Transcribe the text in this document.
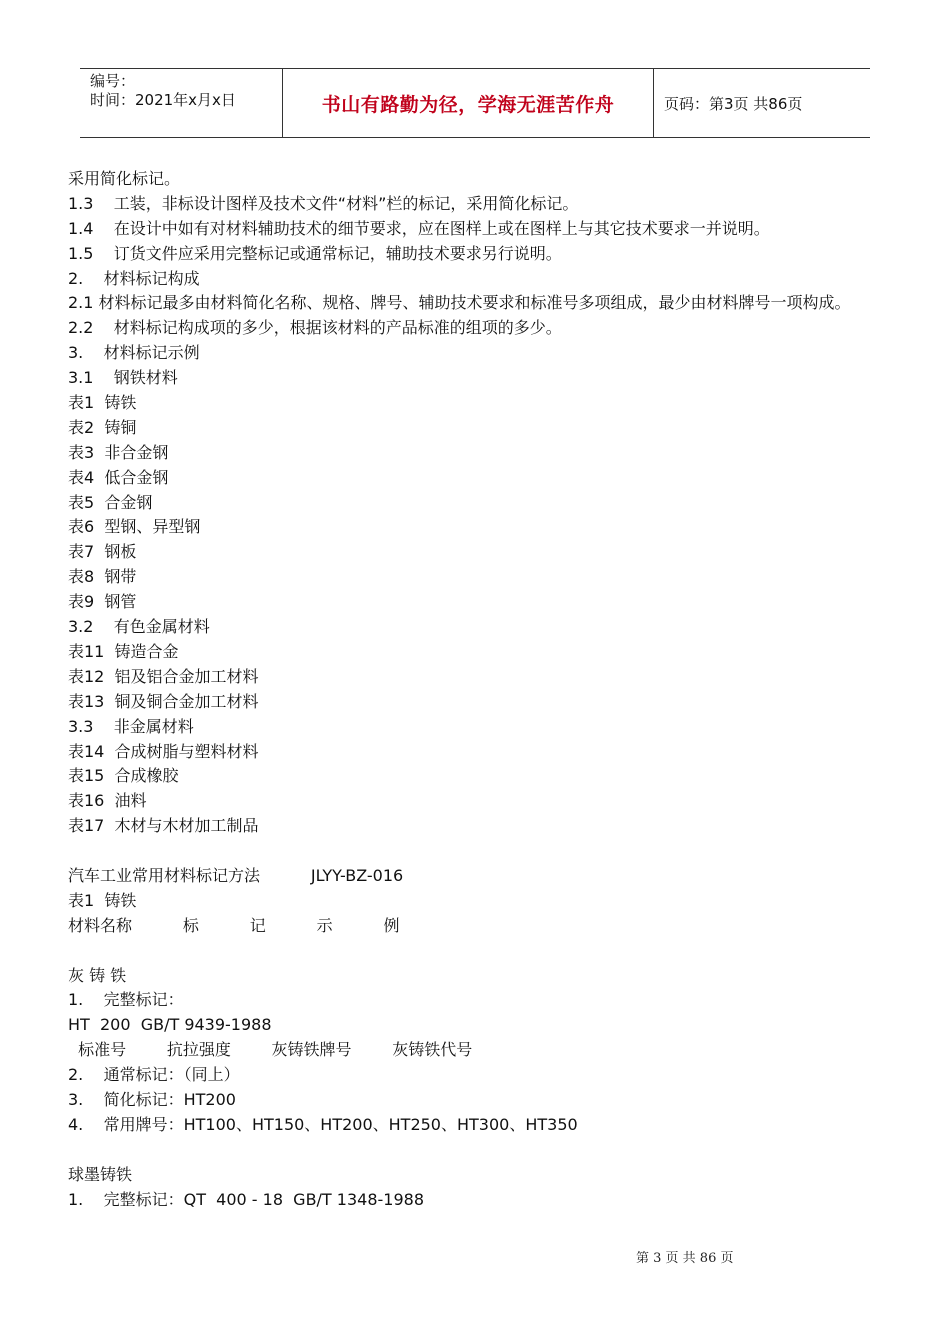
编号：
时间：2021年x月x日	书山有路勤为径，学海无涯苦作舟	页码：第3页 共86页
采用简化标记。
1.3    工装，非标设计图样及技术文件“材料”栏的标记，采用简化标记。
1.4    在设计中如有对材料辅助技术的细节要求，应在图样上或在图样上与其它技术要求一并说明。
1.5    订货文件应采用完整标记或通常标记，辅助技术要求另行说明。
2.    材料标记构成
2.1 材料标记最多由材料简化名称、规格、牌号、辅助技术要求和标准号多项组成，最少由材料牌号一项构成。
2.2    材料标记构成项的多少，根据该材料的产品标准的组项的多少。
3.    材料标记示例
3.1    钢铁材料
表1  铸铁
表2  铸铜
表3  非合金钢
表4  低合金钢
表5  合金钢
表6  型钢、异型钢
表7  钢板
表8  钢带
表9  钢管
3.2    有色金属材料
表11  铸造合金
表12  铝及铝合金加工材料
表13  铜及铜合金加工材料
3.3    非金属材料
表14  合成树脂与塑料材料
表15  合成橡胶
表16  油料
表17  木材与木材加工制品
汽车工业常用材料标记方法          JLYY-BZ-016
表1  铸铁
材料名称          标          记          示          例
灰 铸 铁
1.    完整标记：
HT  200  GB/T 9439-1988
标准号        抗拉强度        灰铸铁牌号        灰铸铁代号
2.    通常标记：（同上）
3.    简化标记：HT200
4.    常用牌号：HT100、HT150、HT200、HT250、HT300、HT350
球墨铸铁
1.    完整标记：QT  400 - 18  GB/T 1348-1988
第 3 页 共 86 页
